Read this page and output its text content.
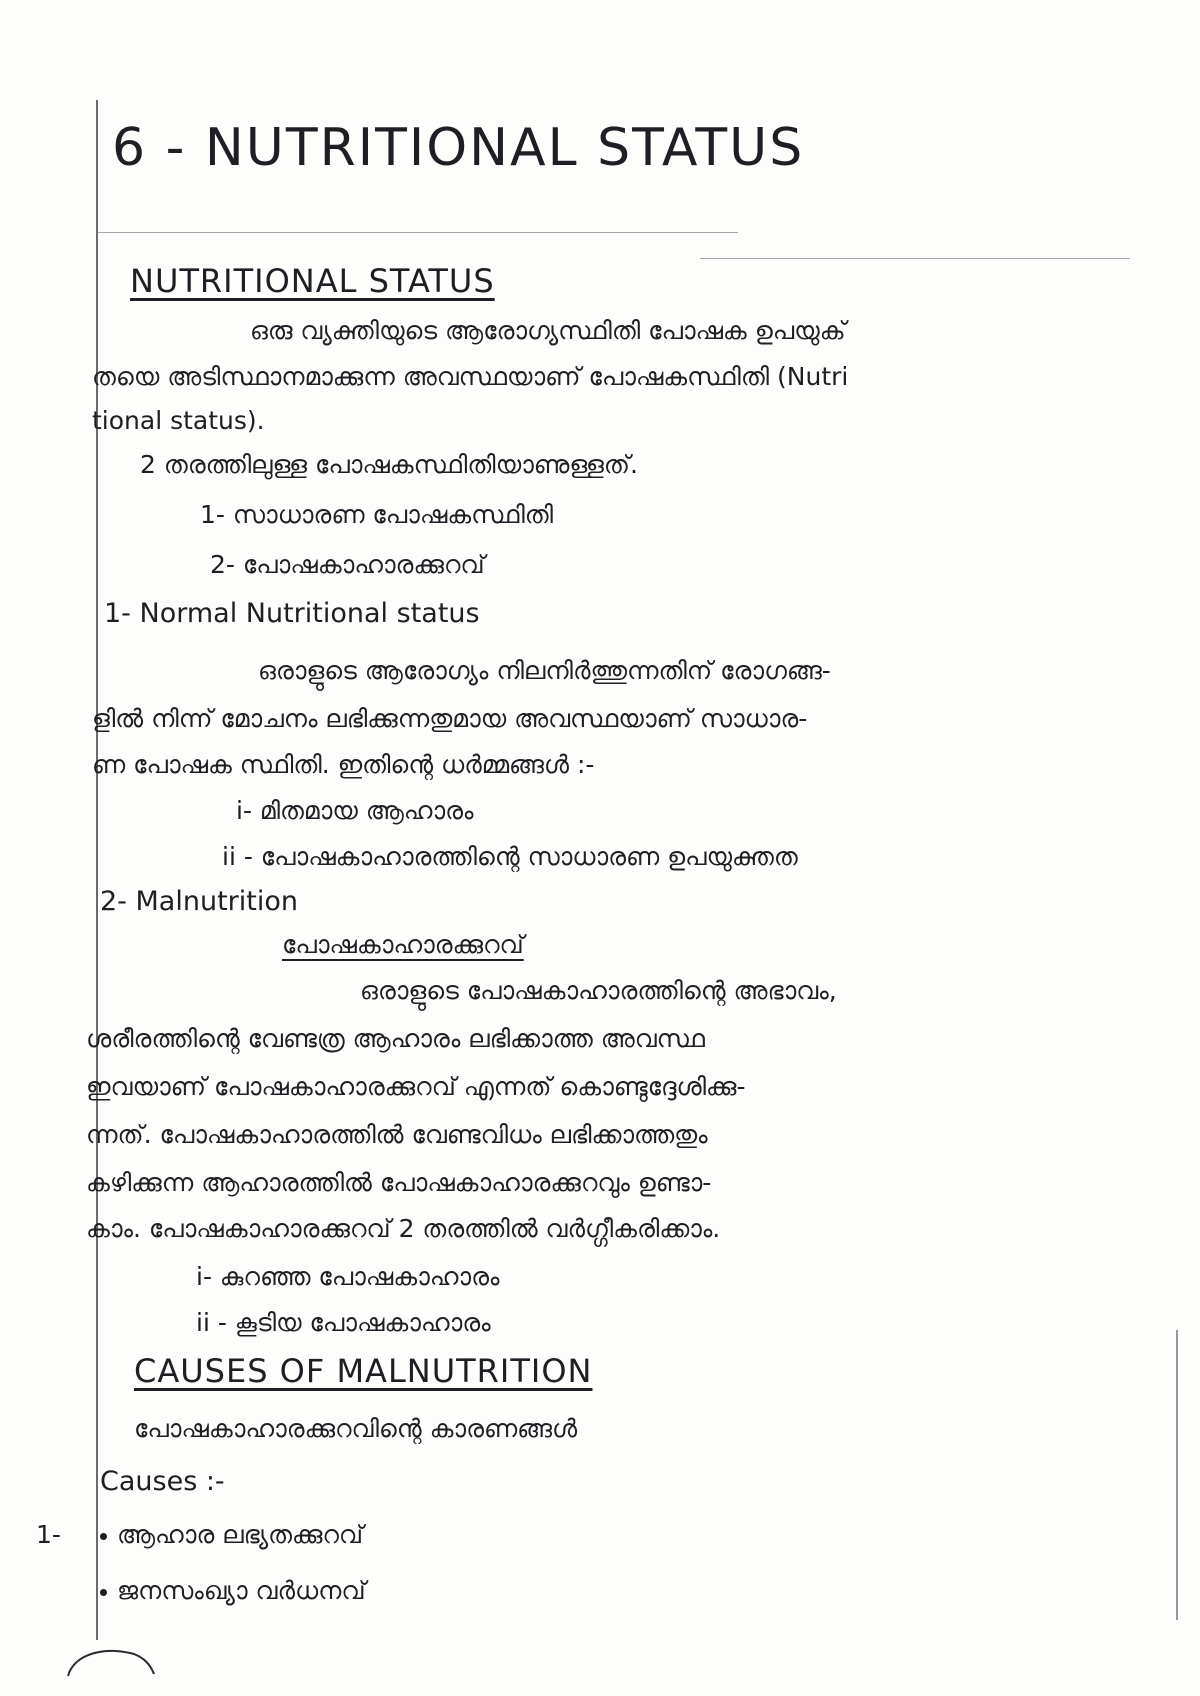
6 - NUTRITIONAL STATUS
NUTRITIONAL STATUS
ഒരു വ്യക്തിയുടെ ആരോഗ്യസ്ഥിതി പോഷക ഉപയുക്
തയെ അടിസ്ഥാനമാക്കുന്ന അവസ്ഥയാണ് പോഷകസ്ഥിതി (Nutri
tional status).
2 തരത്തിലുള്ള പോഷകസ്ഥിതിയാണുള്ളത്.
1- സാധാരണ പോഷകസ്ഥിതി
2- പോഷകാഹാരക്കുറവ്
1- Normal Nutritional status
ഒരാളുടെ ആരോഗ്യം നിലനിർത്തുന്നതിന് രോഗങ്ങ-
ളിൽ നിന്ന് മോചനം ലഭിക്കുന്നതുമായ അവസ്ഥയാണ് സാധാര-
ണ പോഷക സ്ഥിതി. ഇതിന്റെ ധർമ്മങ്ങൾ :-
i- മിതമായ ആഹാരം
ii - പോഷകാഹാരത്തിന്റെ സാധാരണ ഉപയുക്തത
2- Malnutrition
പോഷകാഹാരക്കുറവ്
ഒരാളുടെ പോഷകാഹാരത്തിന്റെ അഭാവം,
ശരീരത്തിന്റെ വേണ്ടത്ര ആഹാരം ലഭിക്കാത്ത അവസ്ഥ
ഇവയാണ് പോഷകാഹാരക്കുറവ് എന്നത് കൊണ്ടുദ്ദേശിക്കു-
ന്നത്. പോഷകാഹാരത്തിൽ വേണ്ടവിധം ലഭിക്കാത്തതും
കഴിക്കുന്ന ആഹാരത്തിൽ പോഷകാഹാരക്കുറവും ഉണ്ടാ-
കാം. പോഷകാഹാരക്കുറവ് 2 തരത്തിൽ വർഗ്ഗീകരിക്കാം.
i- കുറഞ്ഞ പോഷകാഹാരം
ii - കൂടിയ പോഷകാഹാരം
CAUSES OF MALNUTRITION
പോഷകാഹാരക്കുറവിന്റെ കാരണങ്ങൾ
Causes :-
1-	ആഹാര ലഭ്യതക്കുറവ്
ജനസംഖ്യാ വർധനവ്
